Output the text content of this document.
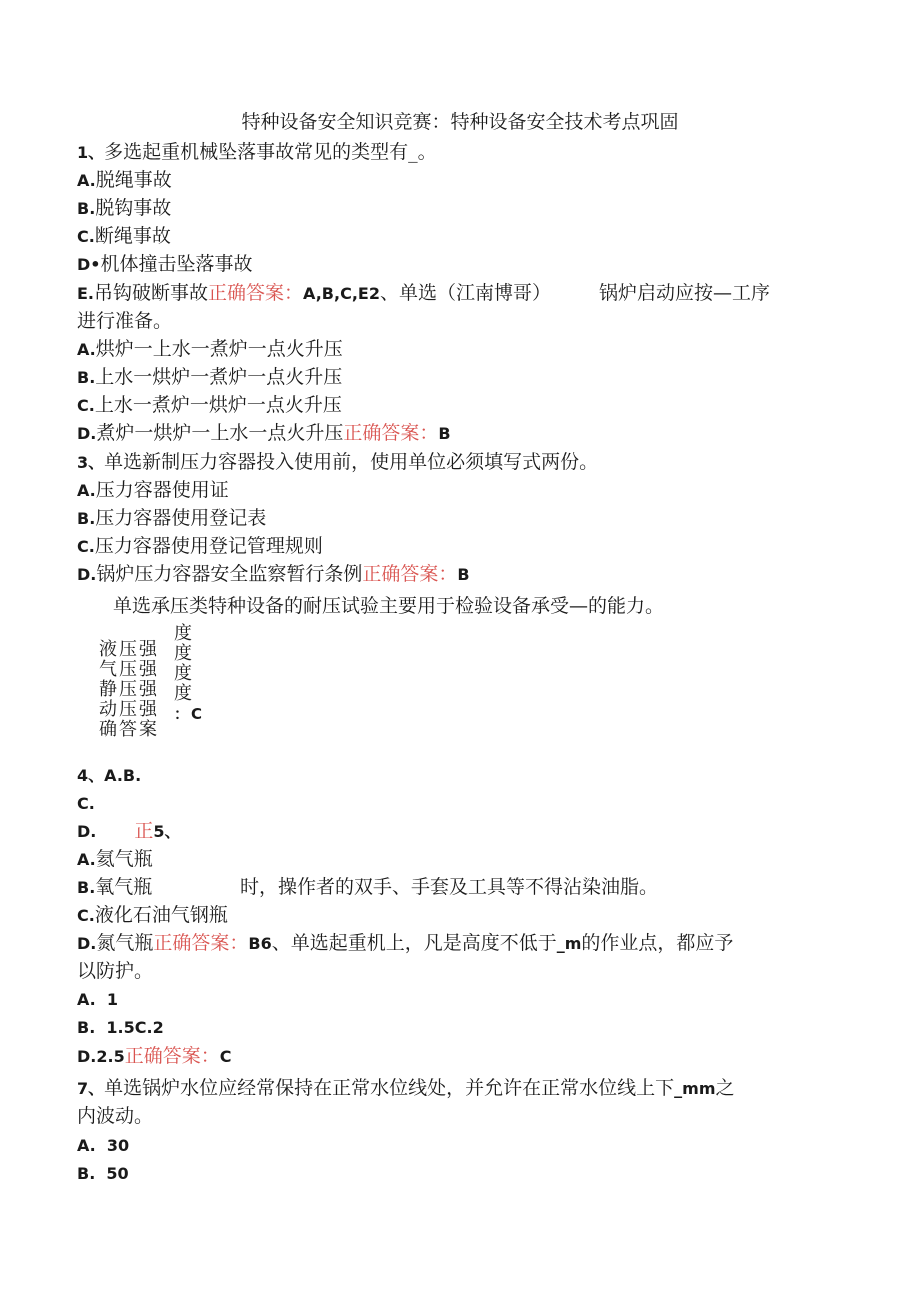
特种设备安全知识竞赛：特种设备安全技术考点巩固
1、多选起重机械坠落事故常见的类型有_。
A.脱绳事故
B.脱钩事故
C.断绳事故
D•机体撞击坠落事故
E.吊钩破断事故正确答案：A,B,C,E2、单选（江南博哥）	锅炉启动应按—工序
进行准备。
A.烘炉一上水一煮炉一点火升压
B.上水一烘炉一煮炉一点火升压
C.上水一煮炉一烘炉一点火升压
D.煮炉一烘炉一上水一点火升压正确答案：B
3、单选新制压力容器投入使用前，使用单位必须填写式两份。
A.压力容器使用证
B.压力容器使用登记表
C.压力容器使用登记管理规则
D.锅炉压力容器安全监察暂行条例正确答案：B
单选承压类特种设备的耐压试验主要用于检验设备承受—的能力。
液压强
气压强
静压强
动压强
确答案
度
度
度
度
：C
4、A.B.
C.
D. 正5、
A.氦气瓶
B.氧气瓶	时，操作者的双手、手套及工具等不得沾染油脂。
C.液化石油气钢瓶
D.氮气瓶正确答案：B6、单选起重机上，凡是高度不低于_m的作业点，都应予
以防护。
A. 1
B. 1.5C.2
D.2.5正确答案：C
7、单选锅炉水位应经常保持在正常水位线处，并允许在正常水位线上下_mm之
内波动。
A. 30
B. 50
